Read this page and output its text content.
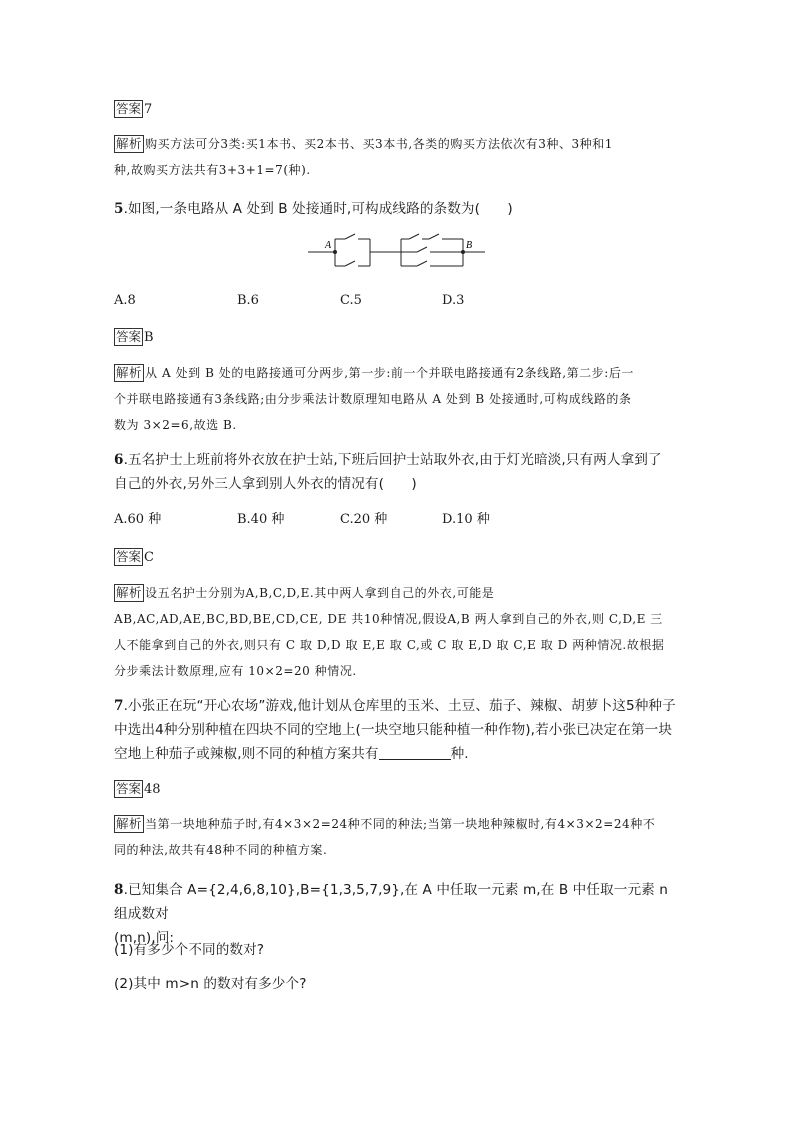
答案 7
解析 购买方法可分3类:买1本书、买2本书、买3本书,各类的购买方法依次有3种、3种和1
种,故购买方法共有3+3+1=7(种).
5.如图,一条电路从 A 处到 B 处接通时,可构成线路的条数为(　　)
A	B
A.8	B.6	C.5	D.3
答案 B
解析 从 A 处到 B 处的电路接通可分两步,第一步:前一个并联电路接通有2条线路,第二步:后一
个并联电路接通有3条线路;由分步乘法计数原理知电路从 A 处到 B 处接通时,可构成线路的条
数为 3×2=6,故选 B.
6.五名护士上班前将外衣放在护士站,下班后回护士站取外衣,由于灯光暗淡,只有两人拿到了
自己的外衣,另外三人拿到别人外衣的情况有(　　)
A.60 种	B.40 种	C.20 种	D.10 种
答案 C
解析 设五名护士分别为A,B,C,D,E.其中两人拿到自己的外衣,可能是
AB,AC,AD,AE,BC,BD,BE,CD,CE, DE 共10种情况,假设A,B 两人拿到自己的外衣,则 C,D,E 三
人不能拿到自己的外衣,则只有 C 取 D,D 取 E,E 取 C,或 C 取 E,D 取 C,E 取 D 两种情况.故根据
分步乘法计数原理,应有 10×2=20 种情况.
7.小张正在玩“开心农场”游戏,他计划从仓库里的玉米、土豆、茄子、辣椒、胡萝卜这5种种子
中选出4种分别种植在四块不同的空地上(一块空地只能种植一种作物),若小张已决定在第一块
空地上种茄子或辣椒,则不同的种植方案共有	种.
答案 48
解析 当第一块地种茄子时,有4×3×2=24种不同的种法;当第一块地种辣椒时,有4×3×2=24种不
同的种法,故共有48种不同的种植方案.
8.已知集合 A={2,4,6,8,10},B={1,3,5,7,9},在 A 中任取一元素 m,在 B 中任取一元素 n 组成数对
(m,n),问:
(1)有多少个不同的数对?
(2)其中 m>n 的数对有多少个?
